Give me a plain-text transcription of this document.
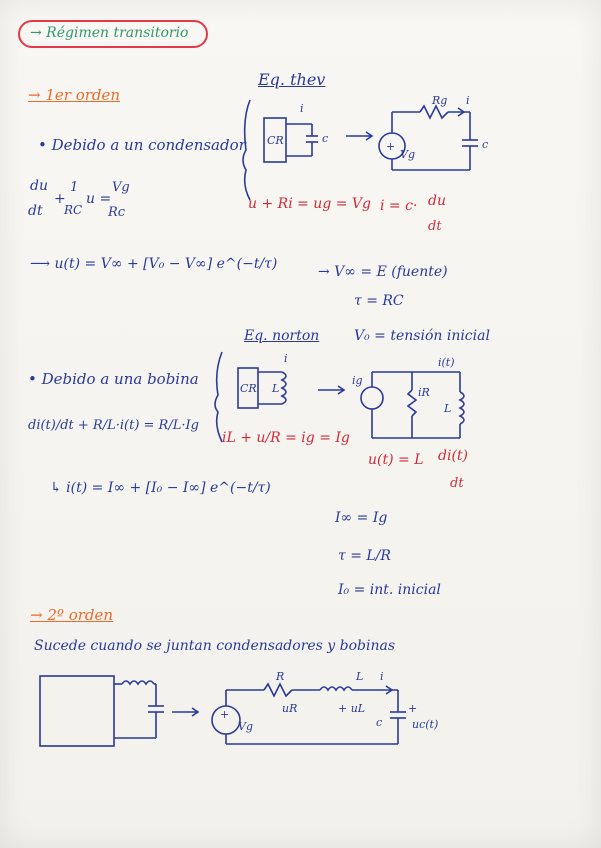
→ Régimen transitorio
→ 1er orden
• Debido a un condensador
Eq. thev
du
dt
+
1
RC
u =
Vg
Rc
⟶ u(t) = V∞ + [V₀ − V∞] e^(−t/τ)
u + Ri = ug = Vg i = c· du
dt
→ V∞ = E (fuente)
τ = RC
V₀ = tensión inicial
• Debido a una bobina
Eq. norton
di(t)/dt + R/L·i(t) = R/L·Ig
↳ i(t) = I∞ + [I₀ − I∞] e^(−t/τ)
iL + u/R = ig = Ig
u(t) = L di(t)
dt
I∞ = Ig
τ = L/R
I₀ = int. inicial
→ 2º orden
Sucede cuando se juntan condensadores y bobinas
CR
CR
i
c
Rg i
c
Vg
+
ig
iR
L
i(t)
i
L
R
uR	+ uL
L i
+
uc(t)
c
Vg
+
